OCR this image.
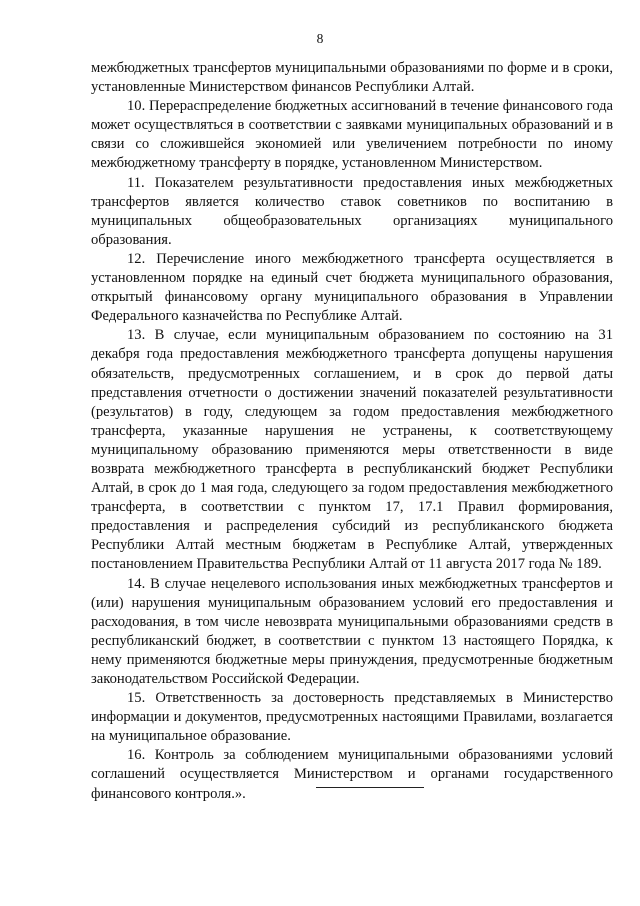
8

межбюджетных трансфертов муниципальными образованиями по форме и в сроки, установленные Министерством финансов Республики Алтай.

10. Перераспределение бюджетных ассигнований в течение финансового года может осуществляться в соответствии с заявками муниципальных образований и в связи со сложившейся экономией или увеличением потребности по иному межбюджетному трансферту в порядке, установленном Министерством.

11. Показателем результативности предоставления иных межбюджетных трансфертов является количество ставок советников по воспитанию в муниципальных общеобразовательных организациях муниципального образования.

12. Перечисление иного межбюджетного трансферта осуществляется в установленном порядке на единый счет бюджета муниципального образования, открытый финансовому органу муниципального образования в Управлении Федерального казначейства по Республике Алтай.

13. В случае, если муниципальным образованием по состоянию на 31 декабря года предоставления межбюджетного трансферта допущены нарушения обязательств, предусмотренных соглашением, и в срок до первой даты представления отчетности о достижении значений показателей результативности (результатов) в году, следующем за годом предоставления межбюджетного трансферта, указанные нарушения не устранены, к соответствующему муниципальному образованию применяются меры ответственности в виде возврата межбюджетного трансферта в республиканский бюджет Республики Алтай, в срок до 1 мая года, следующего за годом предоставления межбюджетного трансферта, в соответствии с пунктом 17, 17.1 Правил формирования, предоставления и распределения субсидий из республиканского бюджета Республики Алтай местным бюджетам в Республике Алтай, утвержденных постановлением Правительства Республики Алтай от 11 августа 2017 года № 189.

14. В случае нецелевого использования иных межбюджетных трансфертов и (или) нарушения муниципальным образованием условий его предоставления и расходования, в том числе невозврата муниципальными образованиями средств в республиканский бюджет, в соответствии с пунктом 13 настоящего Порядка, к нему применяются бюджетные меры принуждения, предусмотренные бюджетным законодательством Российской Федерации.

15. Ответственность за достоверность представляемых в Министерство информации и документов, предусмотренных настоящими Правилами, возлагается на муниципальное образование.

16. Контроль за соблюдением муниципальными образованиями условий соглашений осуществляется Министерством и органами государственного финансового контроля.».
